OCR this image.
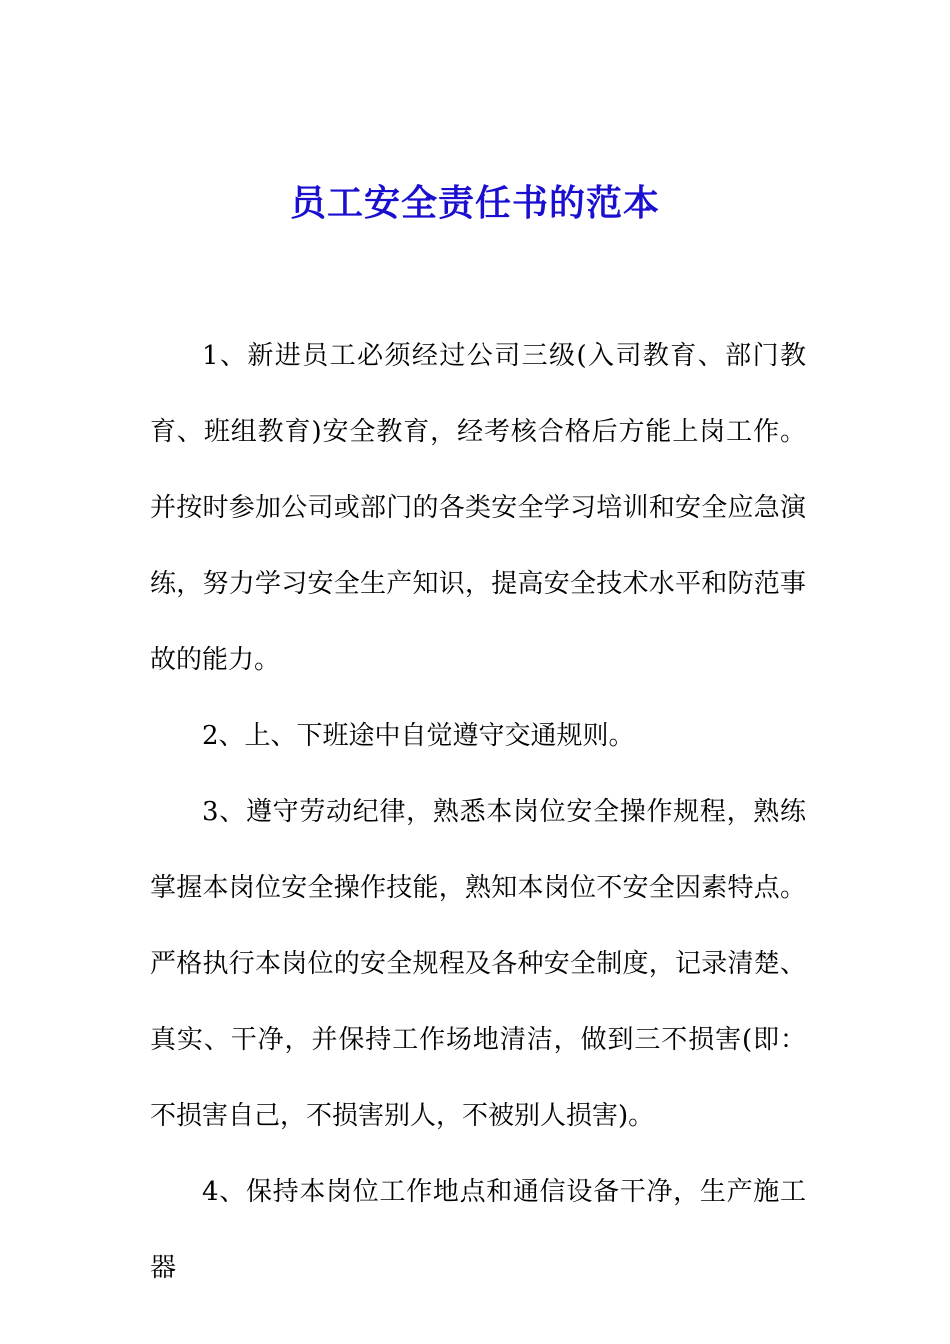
员工安全责任书的范本

1、新进员工必须经过公司三级(入司教育、部门教育、班组教育)安全教育，经考核合格后方能上岗工作。并按时参加公司或部门的各类安全学习培训和安全应急演练，努力学习安全生产知识，提高安全技术水平和防范事故的能力。

2、上、下班途中自觉遵守交通规则。

3、遵守劳动纪律，熟悉本岗位安全操作规程，熟练掌握本岗位安全操作技能，熟知本岗位不安全因素特点。严格执行本岗位的安全规程及各种安全制度，记录清楚、真实、干净，并保持工作场地清洁，做到三不损害(即：不损害自己，不损害别人，不被别人损害)。

4、保持本岗位工作地点和通信设备干净，生产施工器
